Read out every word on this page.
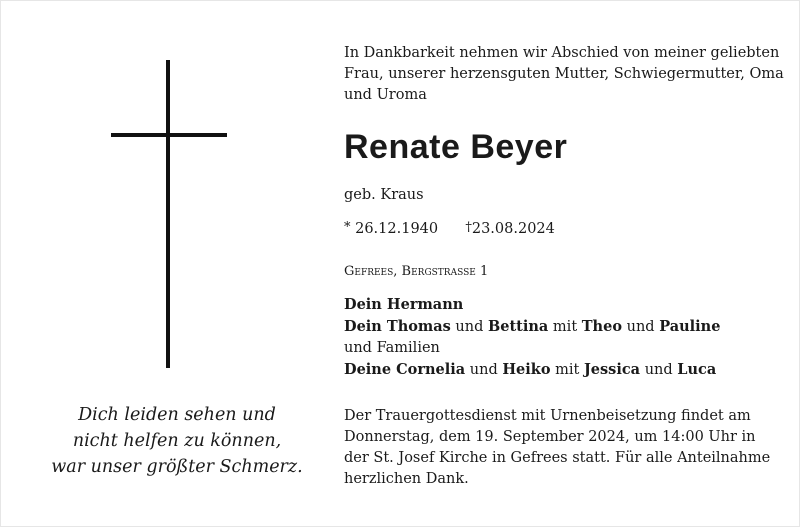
Dich leiden sehen und
nicht helfen zu können,
war unser größter Schmerz.
In Dankbarkeit nehmen wir Abschied von meiner geliebten
Frau, unserer herzensguten Mutter, Schwiegermutter, Oma
und Uroma
Renate Beyer
geb. Kraus
* 26.12.1940 †23.08.2024
Gefrees, Bergstrasse 1
Dein Hermann
Dein Thomas und Bettina mit Theo und Pauline
und Familien
Deine Cornelia und Heiko mit Jessica und Luca
Der Trauergottesdienst mit Urnenbeisetzung findet am
Donnerstag, dem 19. September 2024, um 14:00 Uhr in
der St. Josef Kirche in Gefrees statt. Für alle Anteilnahme
herzlichen Dank.
